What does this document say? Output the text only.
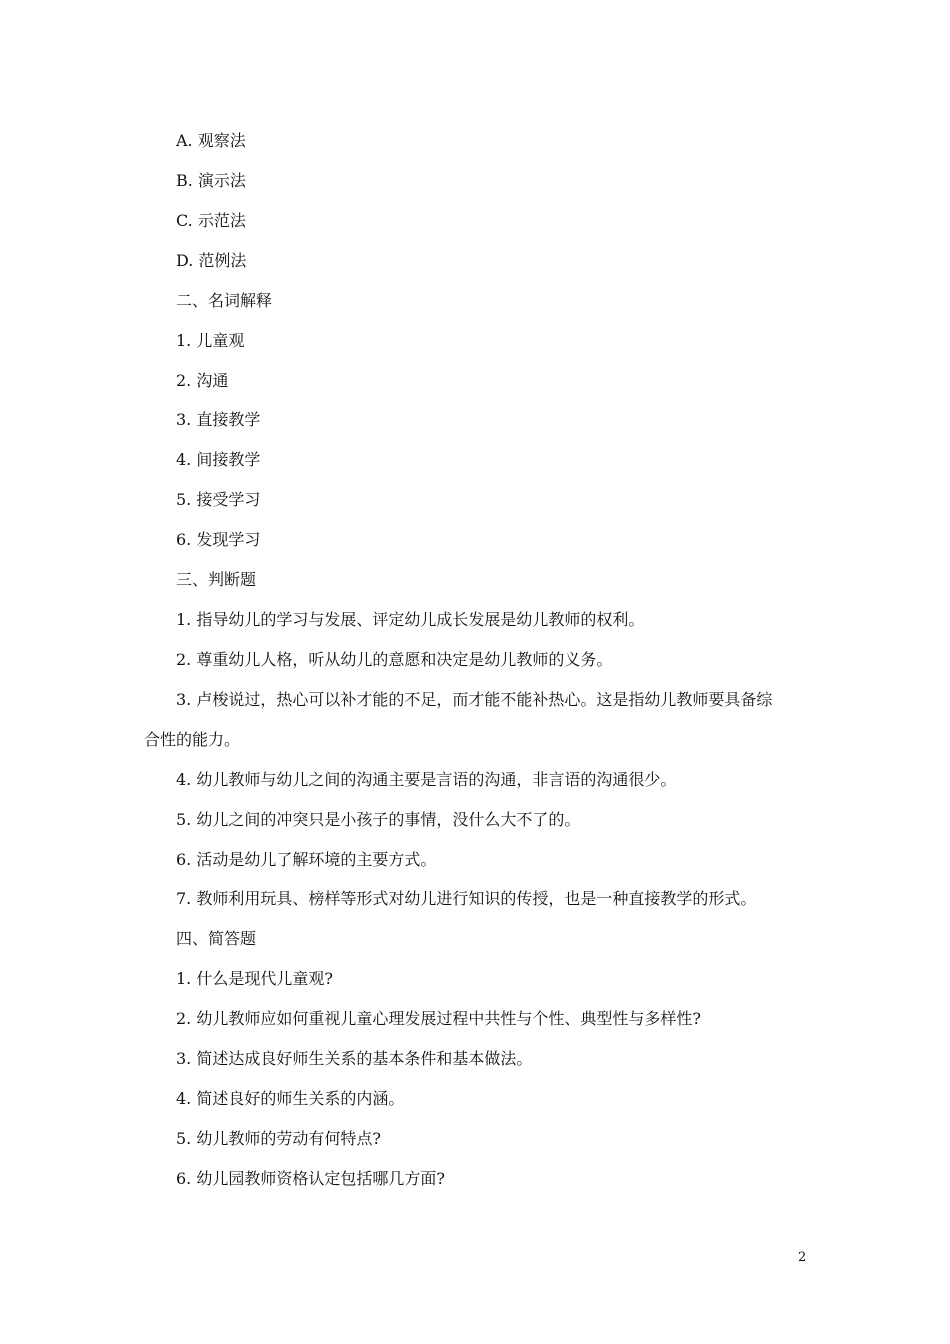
A. 观察法
B. 演示法
C. 示范法
D. 范例法
二、名词解释
1. 儿童观
2. 沟通
3. 直接教学
4. 间接教学
5. 接受学习
6. 发现学习
三、判断题
1. 指导幼儿的学习与发展、评定幼儿成长发展是幼儿教师的权利。
2. 尊重幼儿人格，听从幼儿的意愿和决定是幼儿教师的义务。
3. 卢梭说过，热心可以补才能的不足，而才能不能补热心。这是指幼儿教师要具备综
合性的能力。
4. 幼儿教师与幼儿之间的沟通主要是言语的沟通，非言语的沟通很少。
5. 幼儿之间的冲突只是小孩子的事情，没什么大不了的。
6. 活动是幼儿了解环境的主要方式。
7. 教师利用玩具、榜样等形式对幼儿进行知识的传授，也是一种直接教学的形式。
四、简答题
1. 什么是现代儿童观?
2. 幼儿教师应如何重视儿童心理发展过程中共性与个性、典型性与多样性?
3. 简述达成良好师生关系的基本条件和基本做法。
4. 简述良好的师生关系的内涵。
5. 幼儿教师的劳动有何特点?
6. 幼儿园教师资格认定包括哪几方面?
2
